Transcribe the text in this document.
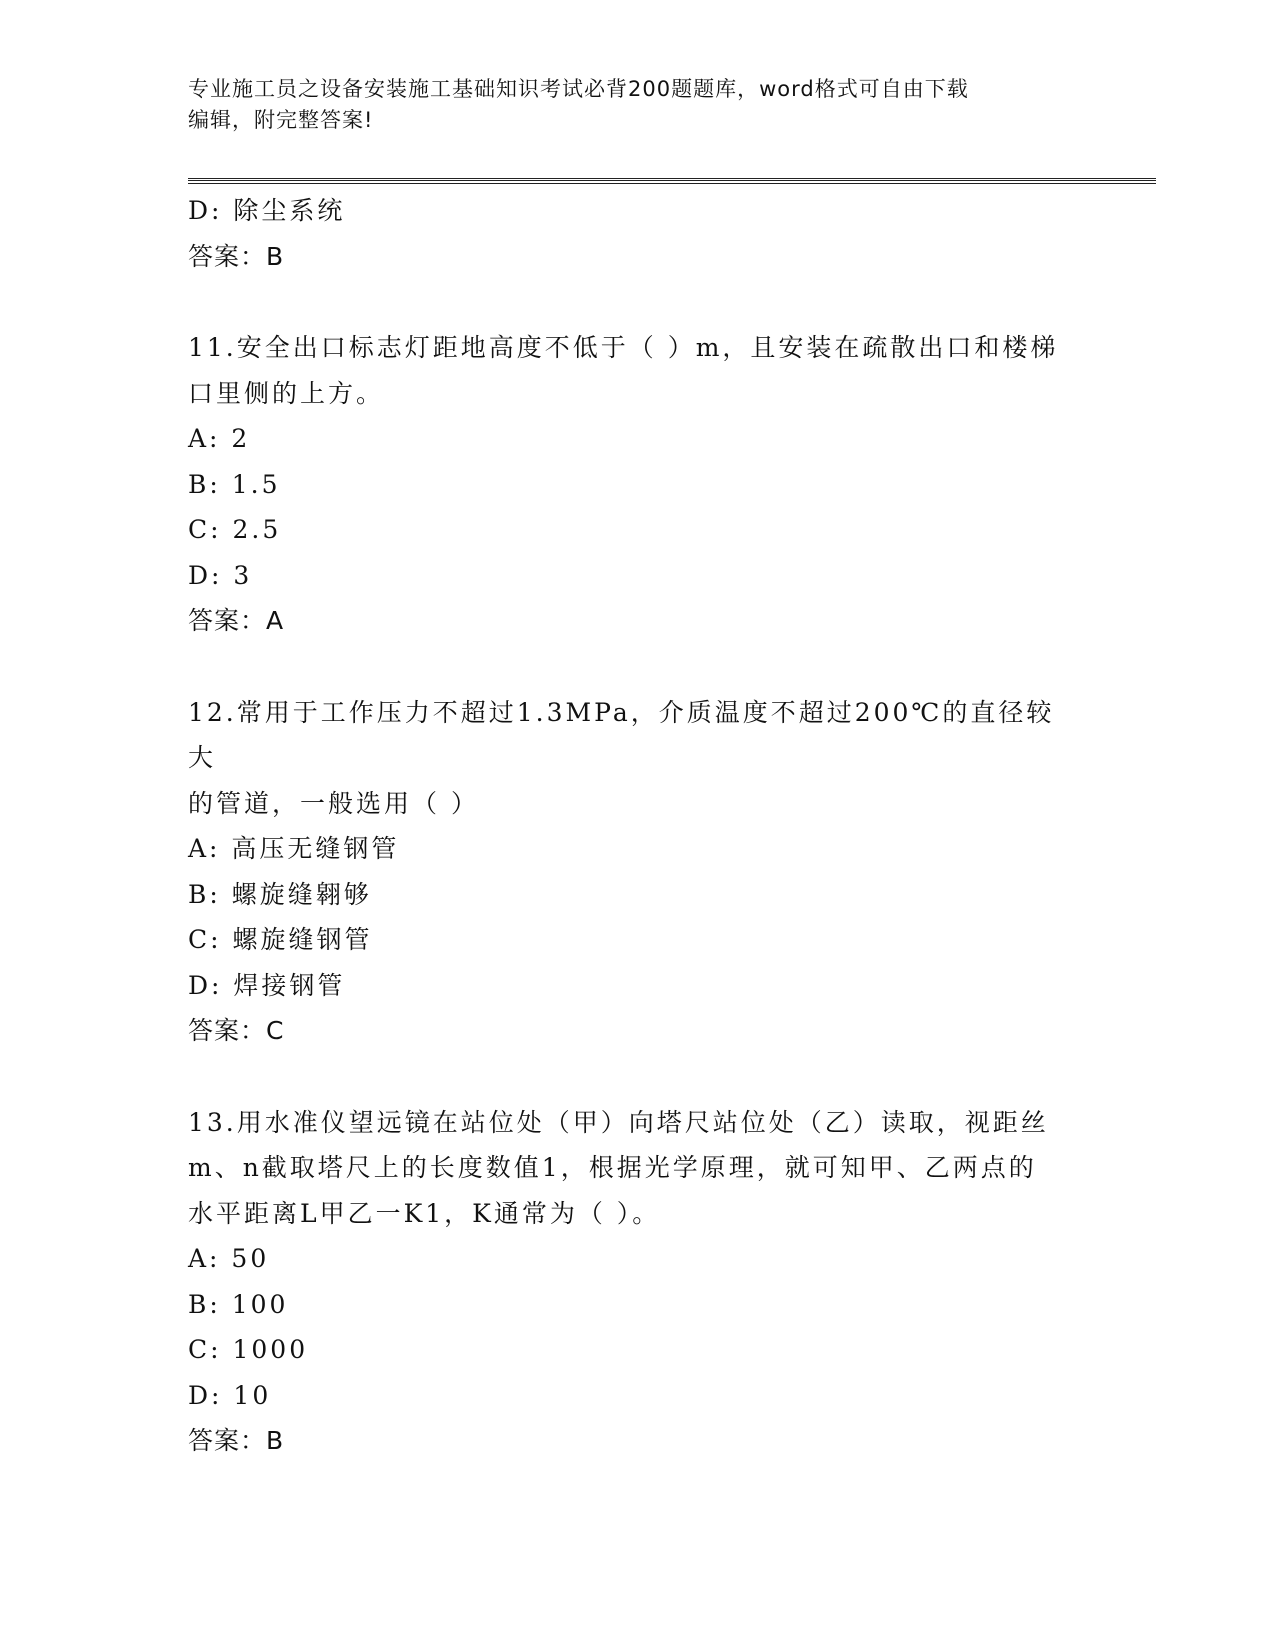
专业施工员之设备安装施工基础知识考试必背200题题库，word格式可自由下载
编辑，附完整答案!
D: 除尘系统
答案：B
11.安全出口标志灯距地高度不低于（ ）m，且安装在疏散出口和楼梯
口里侧的上方。
A: 2
B: 1.5
C: 2.5
D: 3
答案：A
12.常用于工作压力不超过1.3MPa，介质温度不超过200℃的直径较大
的管道，一般选用（ ）
A: 高压无缝钢管
B: 螺旋缝翱够
C: 螺旋缝钢管
D: 焊接钢管
答案：C
13.用水准仪望远镜在站位处（甲）向塔尺站位处（乙）读取，视距丝
m、n截取塔尺上的长度数值1，根据光学原理，就可知甲、乙两点的
水平距离L甲乙一K1，K通常为（ ）。
A: 50
B: 100
C: 1000
D: 10
答案：B
